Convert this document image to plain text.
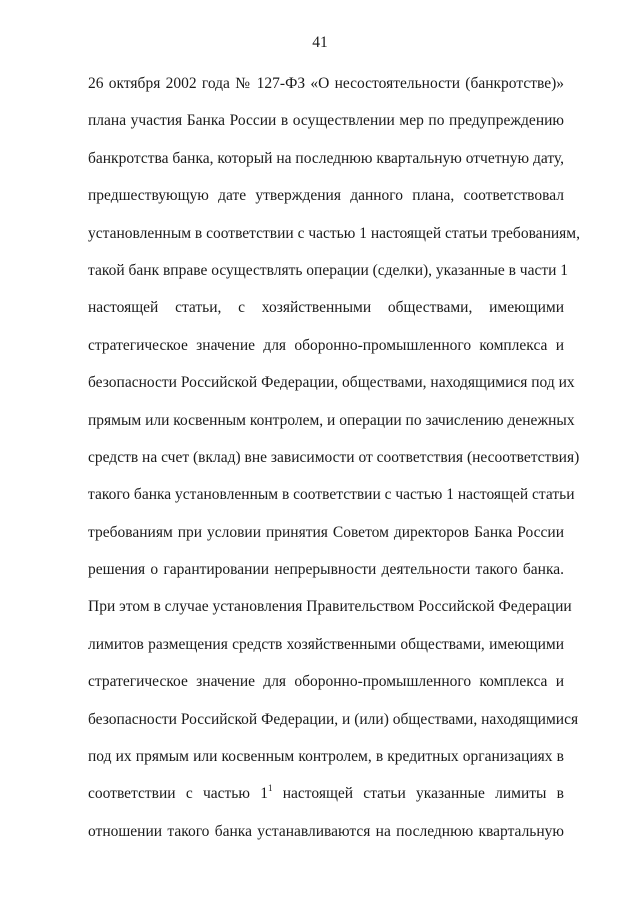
41
26 октября 2002 года № 127-ФЗ «О несостоятельности (банкротстве)»
плана участия Банка России в осуществлении мер по предупреждению
банкротства банка, который на последнюю квартальную отчетную дату,
предшествующую дате утверждения данного плана, соответствовал
установленным в соответствии с частью 1 настоящей статьи требованиям,
такой банк вправе осуществлять операции (сделки), указанные в части 1
настоящей статьи, с хозяйственными обществами, имеющими
стратегическое значение для оборонно-промышленного комплекса и
безопасности Российской Федерации, обществами, находящимися под их
прямым или косвенным контролем, и операции по зачислению денежных
средств на счет (вклад) вне зависимости от соответствия (несоответствия)
такого банка установленным в соответствии с частью 1 настоящей статьи
требованиям при условии принятия Советом директоров Банка России
решения о гарантировании непрерывности деятельности такого банка.
При этом в случае установления Правительством Российской Федерации
лимитов размещения средств хозяйственными обществами, имеющими
стратегическое значение для оборонно-промышленного комплекса и
безопасности Российской Федерации, и (или) обществами, находящимися
под их прямым или косвенным контролем, в кредитных организациях в
соответствии с частью $1^1$ настоящей статьи указанные лимиты в
отношении такого банка устанавливаются на последнюю квартальную
